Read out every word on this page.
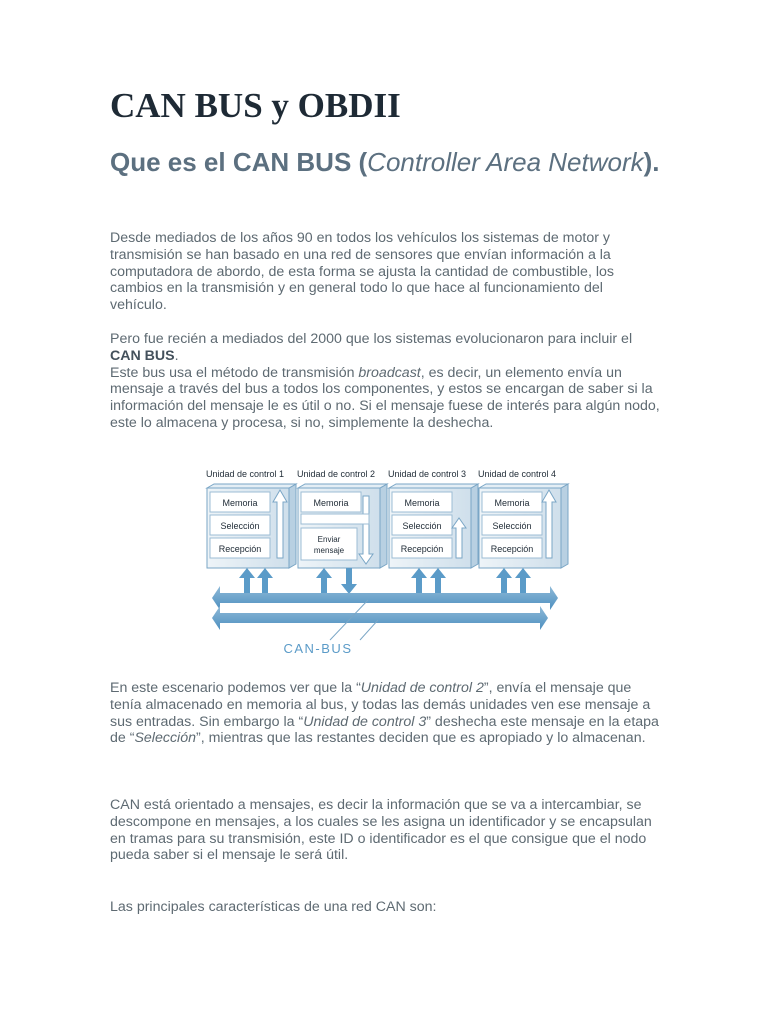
CAN BUS y OBDII
Que es el CAN BUS (Controller Area Network).

Desde mediados de los años 90 en todos los vehículos los sistemas de motor y transmisión se han basado en una red de sensores que envían información a la computadora de abordo, de esta forma se ajusta la cantidad de combustible, los cambios en la transmisión y en general todo lo que hace al funcionamiento del vehículo.

Pero fue recién a mediados del 2000 que los sistemas evolucionaron para incluir el CAN BUS.
Este bus usa el método de transmisión broadcast, es decir, un elemento envía un mensaje a través del bus a todos los componentes, y estos se encargan de saber si la información del mensaje le es útil o no. Si el mensaje fuese de interés para algún nodo, este lo almacena y procesa, si no, simplemente la deshecha.

Unidad de control 1
Memoria
Selección
Recepción
Unidad de control 2
Memoria
Enviar
mensaje
Unidad de control 3
Memoria
Selección
Recepción
Unidad de control 4
Memoria
Selección
Recepción
CAN-BUS

En este escenario podemos ver que la “Unidad de control 2”, envía el mensaje que tenía almacenado en memoria al bus, y todas las demás unidades ven ese mensaje a sus entradas. Sin embargo la “Unidad de control 3” deshecha este mensaje en la etapa de “Selección”, mientras que las restantes deciden que es apropiado y lo almacenan.

CAN está orientado a mensajes, es decir la información que se va a intercambiar, se descompone en mensajes, a los cuales se les asigna un identificador y se encapsulan en tramas para su transmisión, este ID o identificador es el que consigue que el nodo pueda saber si el mensaje le será útil.

Las principales características de una red CAN son:
